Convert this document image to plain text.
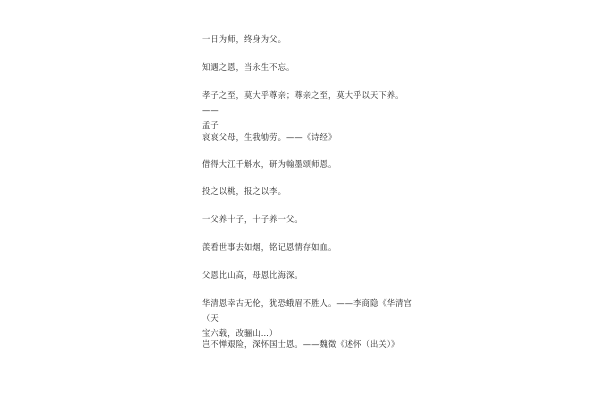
一日为师，终身为父。
知遇之恩，当永生不忘。
孝子之至，莫大乎尊亲；尊亲之至，莫大乎以天下养。——
孟子
哀哀父母，生我劬劳。——《诗经》
借得大江千斛水，研为翰墨颂师恩。
投之以桃，报之以李。
一父养十子，十子养一父。
羡看世事去如烟，铭记恩情存如血。
父恩比山高，母恩比海深。
华清恩幸古无伦，犹恐蛾眉不胜人。——李商隐《华清宫（天
宝六载，改骊山...）
岂不惮艰险，深怀国士恩。——魏徵《述怀（出关）》
